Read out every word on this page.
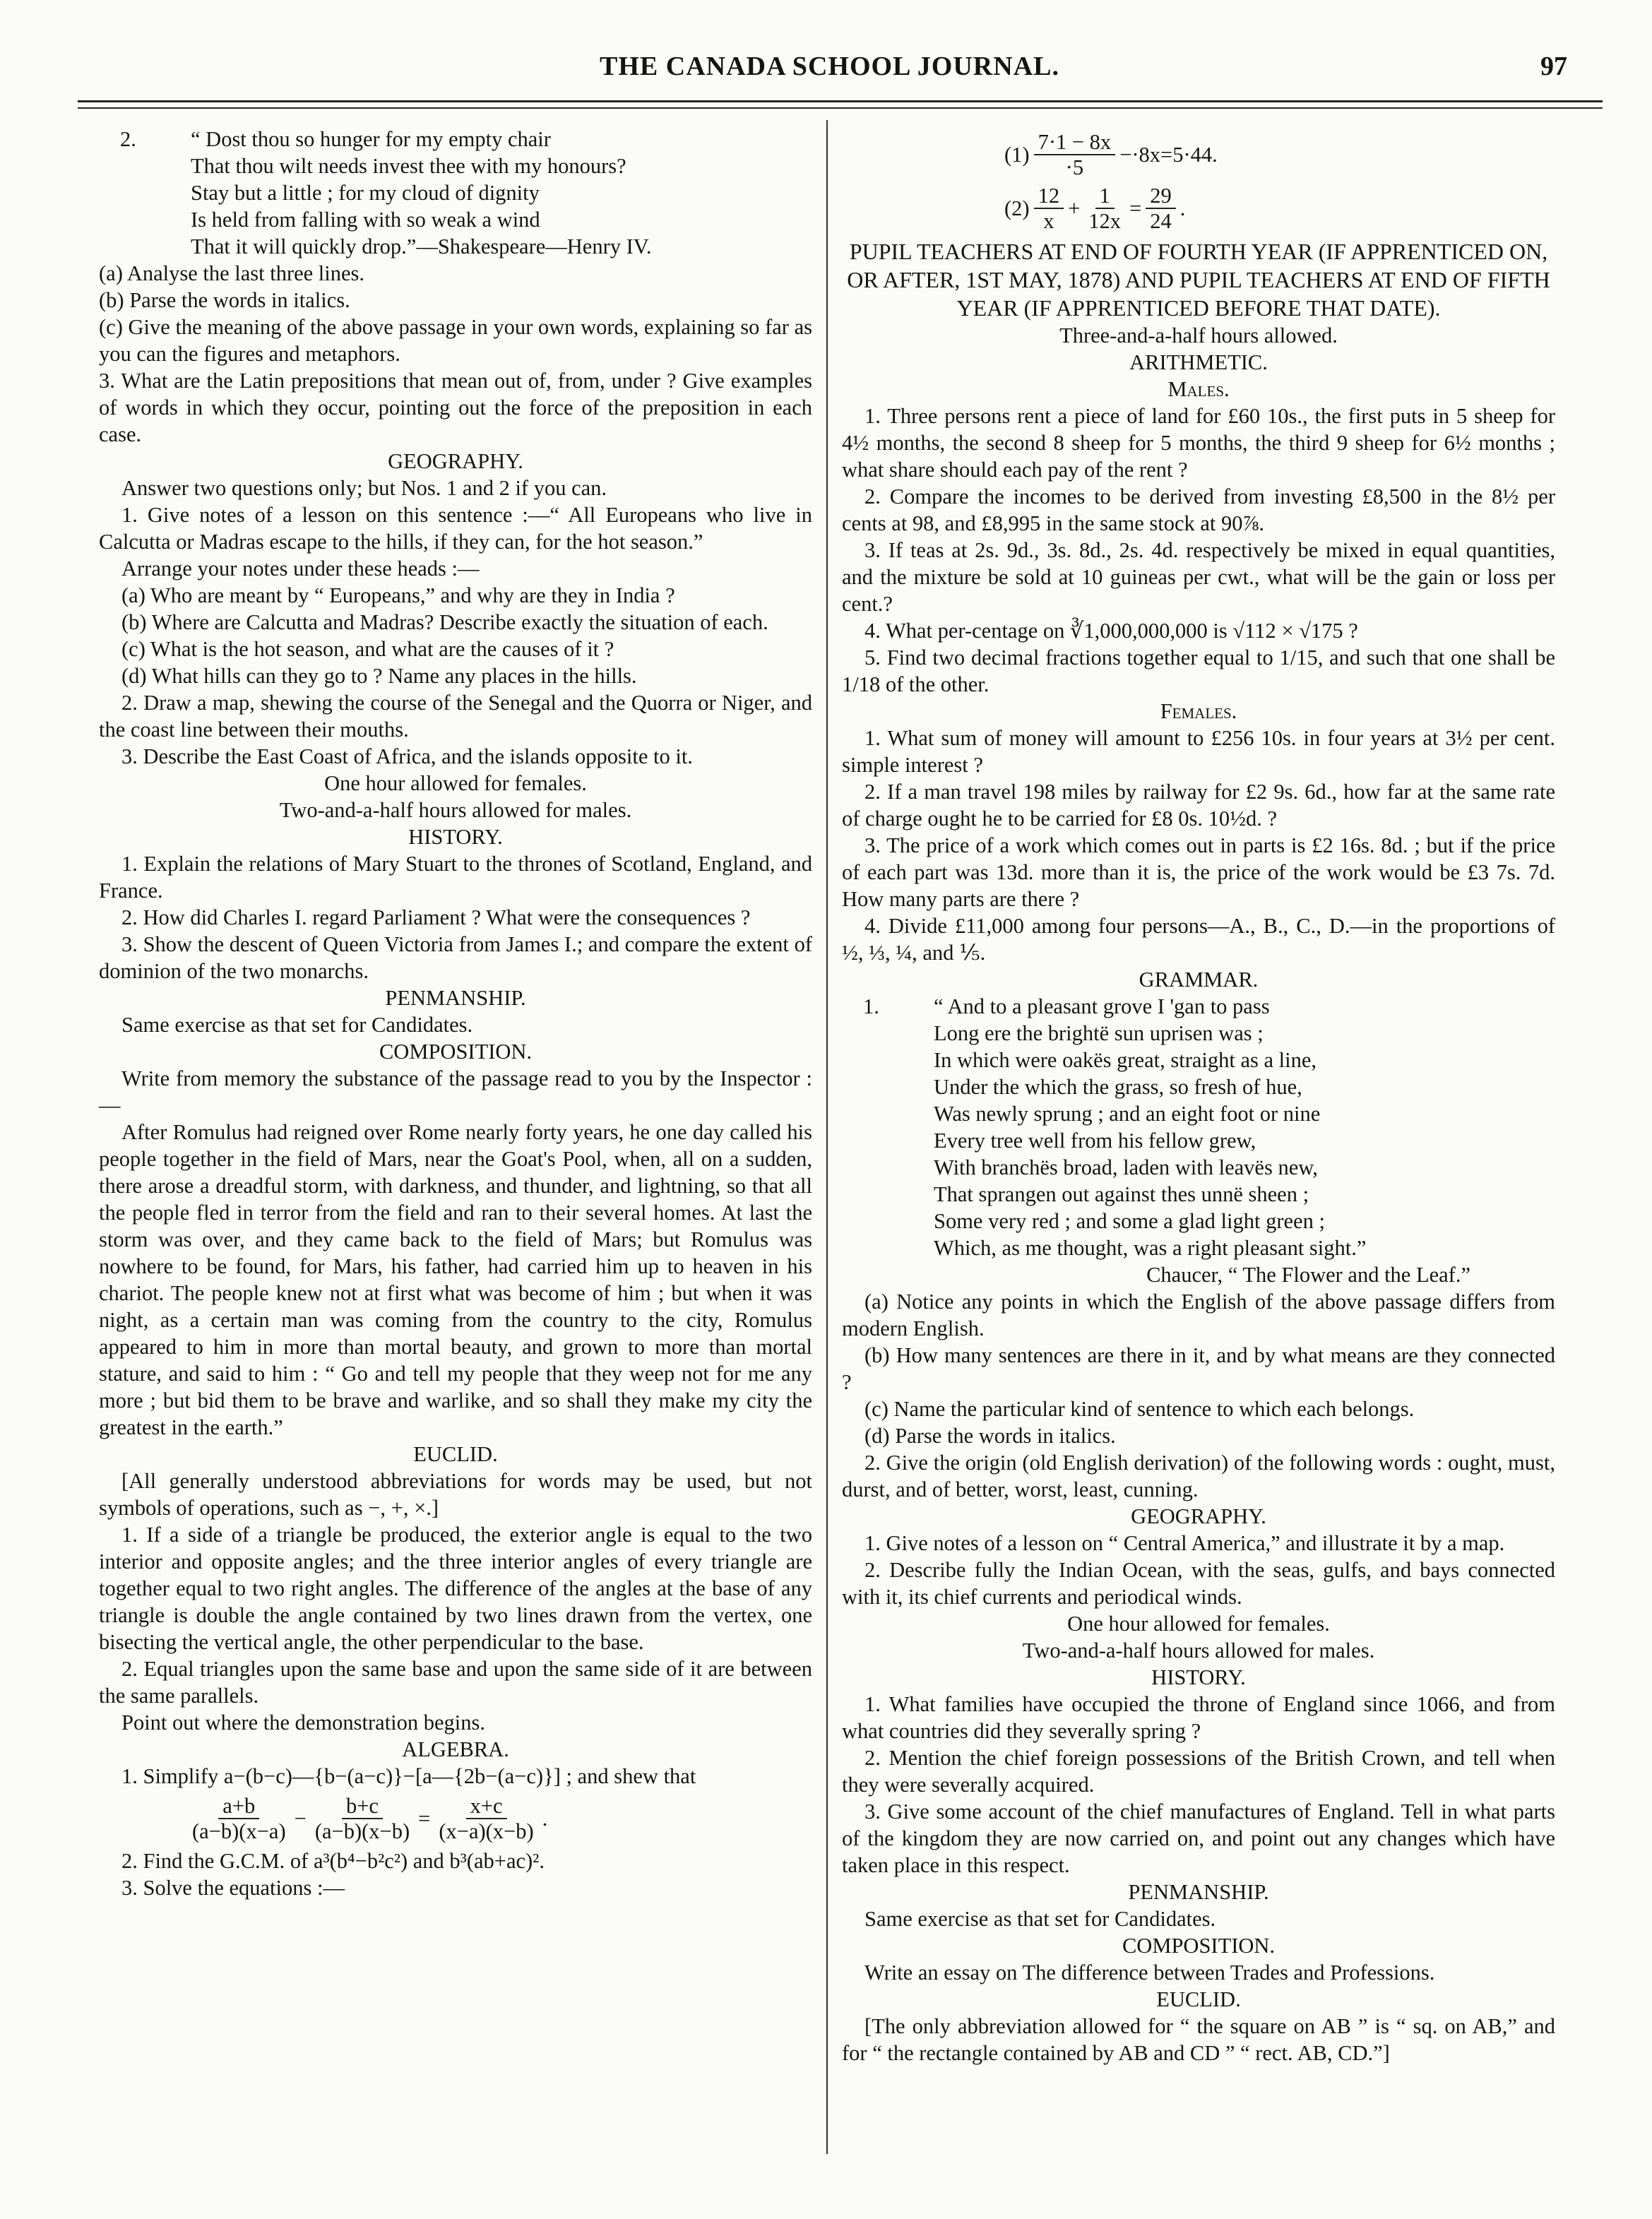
THE CANADA SCHOOL JOURNAL.	97

2.	“ Dost thou so hunger for my empty chair

That thou wilt needs invest thee with my honours?

Stay but a little ; for my cloud of dignity

Is held from falling with so weak a wind

That it will quickly drop.”—Shakespeare—Henry IV.

(a) Analyse the last three lines.

(b) Parse the words in italics.

(c) Give the meaning of the above passage in your own words, explaining so far as you can the figures and metaphors.

3. What are the Latin prepositions that mean out of, from, under ? Give examples of words in which they occur, pointing out the force of the preposition in each case.

GEOGRAPHY.

Answer two questions only; but Nos. 1 and 2 if you can.

1. Give notes of a lesson on this sentence :—“ All Europeans who live in Calcutta or Madras escape to the hills, if they can, for the hot season.”

Arrange your notes under these heads :—

(a) Who are meant by “ Europeans,” and why are they in India ?

(b) Where are Calcutta and Madras? Describe exactly the situation of each.

(c) What is the hot season, and what are the causes of it ?

(d) What hills can they go to ? Name any places in the hills.

2. Draw a map, shewing the course of the Senegal and the Quorra or Niger, and the coast line between their mouths.

3. Describe the East Coast of Africa, and the islands opposite to it.

One hour allowed for females.

Two-and-a-half hours allowed for males.

HISTORY.

1. Explain the relations of Mary Stuart to the thrones of Scotland, England, and France.

2. How did Charles I. regard Parliament ? What were the consequences ?

3. Show the descent of Queen Victoria from James I.; and compare the extent of dominion of the two monarchs.

PENMANSHIP.

Same exercise as that set for Candidates.

COMPOSITION.

Write from memory the substance of the passage read to you by the Inspector :—

After Romulus had reigned over Rome nearly forty years, he one day called his people together in the field of Mars, near the Goat's Pool, when, all on a sudden, there arose a dreadful storm, with darkness, and thunder, and lightning, so that all the people fled in terror from the field and ran to their several homes. At last the storm was over, and they came back to the field of Mars; but Romulus was nowhere to be found, for Mars, his father, had carried him up to heaven in his chariot. The people knew not at first what was become of him ; but when it was night, as a certain man was coming from the country to the city, Romulus appeared to him in more than mortal beauty, and grown to more than mortal stature, and said to him : “ Go and tell my people that they weep not for me any more ; but bid them to be brave and warlike, and so shall they make my city the greatest in the earth.”

EUCLID.

[All generally understood abbreviations for words may be used, but not symbols of operations, such as −, +, ×.]

1. If a side of a triangle be produced, the exterior angle is equal to the two interior and opposite angles; and the three interior angles of every triangle are together equal to two right angles. The difference of the angles at the base of any triangle is double the angle contained by two lines drawn from the vertex, one bisecting the vertical angle, the other perpendicular to the base.

2. Equal triangles upon the same base and upon the same side of it are between the same parallels.

Point out where the demonstration begins.

ALGEBRA.

1. Simplify a−(b−c)—{b−(a−c)}−[a—{2b−(a−c)}] ; and shew that

$\frac{a+b}{(a-b)(x-a)} - \frac{b+c}{(a-b)(x-b)} = \frac{x+c}{(x-a)(x-b)}$ .

2. Find the G.C.M. of a³(b⁴−b²c²) and b³(ab+ac)².

3. Solve the equations :—

$(1) \frac{7\cdot 1 - 8x}{\cdot 5} -\cdot 8x=5\cdot 44$.
$(2) \frac{12}{x} + \frac{1}{12x} = \frac{29}{24}$ .

PUPIL TEACHERS AT END OF FOURTH YEAR (IF APPRENTICED ON, OR AFTER, 1ST MAY, 1878) AND PUPIL TEACHERS AT END OF FIFTH YEAR (IF APPRENTICED BEFORE THAT DATE).

Three-and-a-half hours allowed.

ARITHMETIC.

Males.

1. Three persons rent a piece of land for £60 10s., the first puts in 5 sheep for 4½ months, the second 8 sheep for 5 months, the third 9 sheep for 6½ months ; what share should each pay of the rent ?

2. Compare the incomes to be derived from investing £8,500 in the 8½ per cents at 98, and £8,995 in the same stock at 90⅞.

3. If teas at 2s. 9d., 3s. 8d., 2s. 4d. respectively be mixed in equal quantities, and the mixture be sold at 10 guineas per cwt., what will be the gain or loss per cent.?

4. What per-centage on ∛1,000,000,000 is √112 × √175 ?

5. Find two decimal fractions together equal to 1/15, and such that one shall be 1/18 of the other.

Females.

1. What sum of money will amount to £256 10s. in four years at 3½ per cent. simple interest ?

2. If a man travel 198 miles by railway for £2 9s. 6d., how far at the same rate of charge ought he to be carried for £8 0s. 10½d. ?

3. The price of a work which comes out in parts is £2 16s. 8d. ; but if the price of each part was 13d. more than it is, the price of the work would be £3 7s. 7d. How many parts are there ?

4. Divide £11,000 among four persons—A., B., C., D.—in the proportions of ½, ⅓, ¼, and ⅕.

GRAMMAR.

1.	“ And to a pleasant grove I 'gan to pass

Long ere the brightë sun uprisen was ;

In which were oakës great, straight as a line,

Under the which the grass, so fresh of hue,

Was newly sprung ; and an eight foot or nine

Every tree well from his fellow grew,

With branchës broad, laden with leavës new,

That sprangen out against thes unnë sheen ;

Some very red ; and some a glad light green ;

Which, as me thought, was a right pleasant sight.”

Chaucer, “ The Flower and the Leaf.”

(a) Notice any points in which the English of the above passage differs from modern English.

(b) How many sentences are there in it, and by what means are they connected ?

(c) Name the particular kind of sentence to which each belongs.

(d) Parse the words in italics.

2. Give the origin (old English derivation) of the following words : ought, must, durst, and of better, worst, least, cunning.

GEOGRAPHY.

1. Give notes of a lesson on “ Central America,” and illustrate it by a map.

2. Describe fully the Indian Ocean, with the seas, gulfs, and bays connected with it, its chief currents and periodical winds.

One hour allowed for females.

Two-and-a-half hours allowed for males.

HISTORY.

1. What families have occupied the throne of England since 1066, and from what countries did they severally spring ?

2. Mention the chief foreign possessions of the British Crown, and tell when they were severally acquired.

3. Give some account of the chief manufactures of England. Tell in what parts of the kingdom they are now carried on, and point out any changes which have taken place in this respect.

PENMANSHIP.

Same exercise as that set for Candidates.

COMPOSITION.

Write an essay on The difference between Trades and Professions.

EUCLID.

[The only abbreviation allowed for “ the square on AB ” is “ sq. on AB,” and for “ the rectangle contained by AB and CD ” “ rect. AB, CD.”]
